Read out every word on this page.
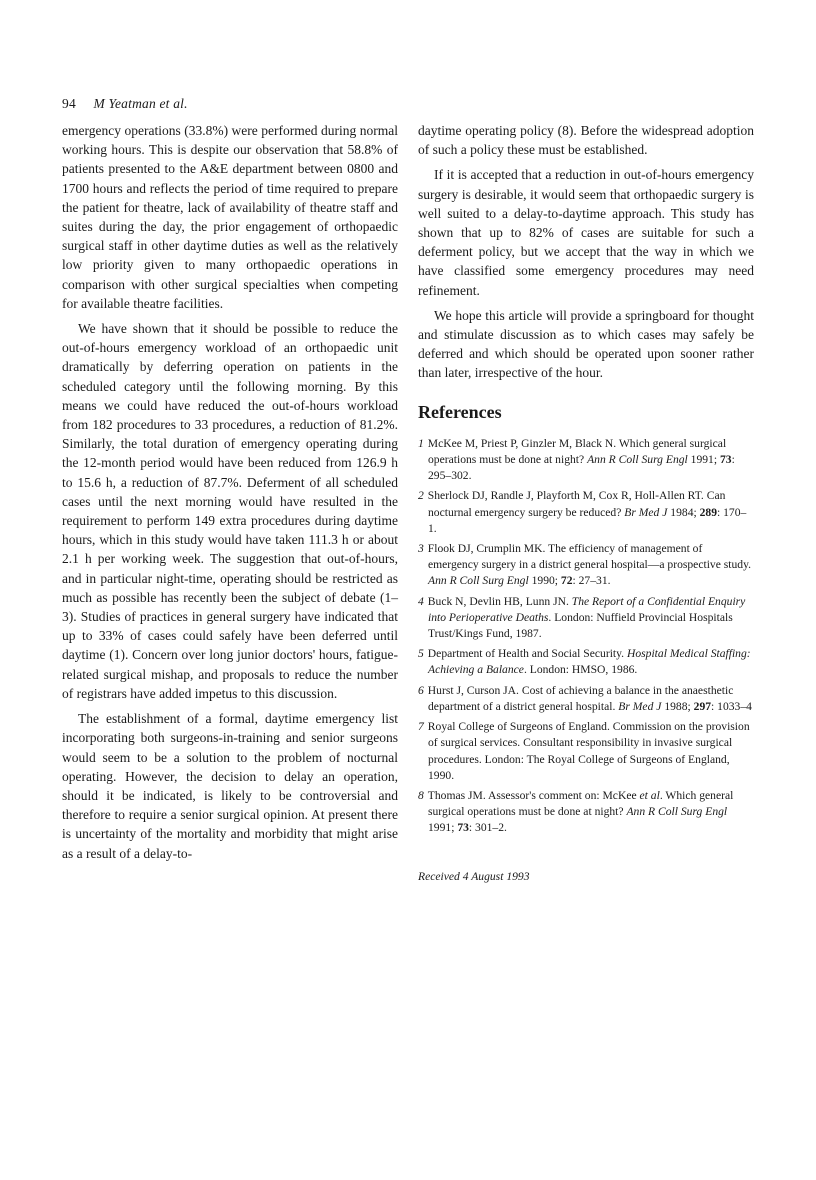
94 M Yeatman et al.

emergency operations (33.8%) were performed during normal working hours. This is despite our observation that 58.8% of patients presented to the A&E department between 0800 and 1700 hours and reflects the period of time required to prepare the patient for theatre, lack of availability of theatre staff and suites during the day, the prior engagement of orthopaedic surgical staff in other daytime duties as well as the relatively low priority given to many orthopaedic operations in comparison with other surgical specialties when competing for available theatre facilities.

We have shown that it should be possible to reduce the out-of-hours emergency workload of an orthopaedic unit dramatically by deferring operation on patients in the scheduled category until the following morning. By this means we could have reduced the out-of-hours workload from 182 procedures to 33 procedures, a reduction of 81.2%. Similarly, the total duration of emergency operating during the 12-month period would have been reduced from 126.9 h to 15.6 h, a reduction of 87.7%. Deferment of all scheduled cases until the next morning would have resulted in the requirement to perform 149 extra procedures during daytime hours, which in this study would have taken 111.3 h or about 2.1 h per working week. The suggestion that out-of-hours, and in particular night-time, operating should be restricted as much as possible has recently been the subject of debate (1–3). Studies of practices in general surgery have indicated that up to 33% of cases could safely have been deferred until daytime (1). Concern over long junior doctors' hours, fatigue-related surgical mishap, and proposals to reduce the number of registrars have added impetus to this discussion.

The establishment of a formal, daytime emergency list incorporating both surgeons-in-training and senior surgeons would seem to be a solution to the problem of nocturnal operating. However, the decision to delay an operation, should it be indicated, is likely to be controversial and therefore to require a senior surgical opinion. At present there is uncertainty of the mortality and morbidity that might arise as a result of a delay-to-

daytime operating policy (8). Before the widespread adoption of such a policy these must be established.

If it is accepted that a reduction in out-of-hours emergency surgery is desirable, it would seem that orthopaedic surgery is well suited to a delay-to-daytime approach. This study has shown that up to 82% of cases are suitable for such a deferment policy, but we accept that the way in which we have classified some emergency procedures may need refinement.

We hope this article will provide a springboard for thought and stimulate discussion as to which cases may safely be deferred and which should be operated upon sooner rather than later, irrespective of the hour.

References
1 McKee M, Priest P, Ginzler M, Black N. Which general surgical operations must be done at night? Ann R Coll Surg Engl 1991; 73: 295–302.
2 Sherlock DJ, Randle J, Playforth M, Cox R, Holl-Allen RT. Can nocturnal emergency surgery be reduced? Br Med J 1984; 289: 170–1.
3 Flook DJ, Crumplin MK. The efficiency of management of emergency surgery in a district general hospital—a prospective study. Ann R Coll Surg Engl 1990; 72: 27–31.
4 Buck N, Devlin HB, Lunn JN. The Report of a Confidential Enquiry into Perioperative Deaths. London: Nuffield Provincial Hospitals Trust/Kings Fund, 1987.
5 Department of Health and Social Security. Hospital Medical Staffing: Achieving a Balance. London: HMSO, 1986.
6 Hurst J, Curson JA. Cost of achieving a balance in the anaesthetic department of a district general hospital. Br Med J 1988; 297: 1033–4
7 Royal College of Surgeons of England. Commission on the provision of surgical services. Consultant responsibility in invasive surgical procedures. London: The Royal College of Surgeons of England, 1990.
8 Thomas JM. Assessor's comment on: McKee et al. Which general surgical operations must be done at night? Ann R Coll Surg Engl 1991; 73: 301–2.
Received 4 August 1993
